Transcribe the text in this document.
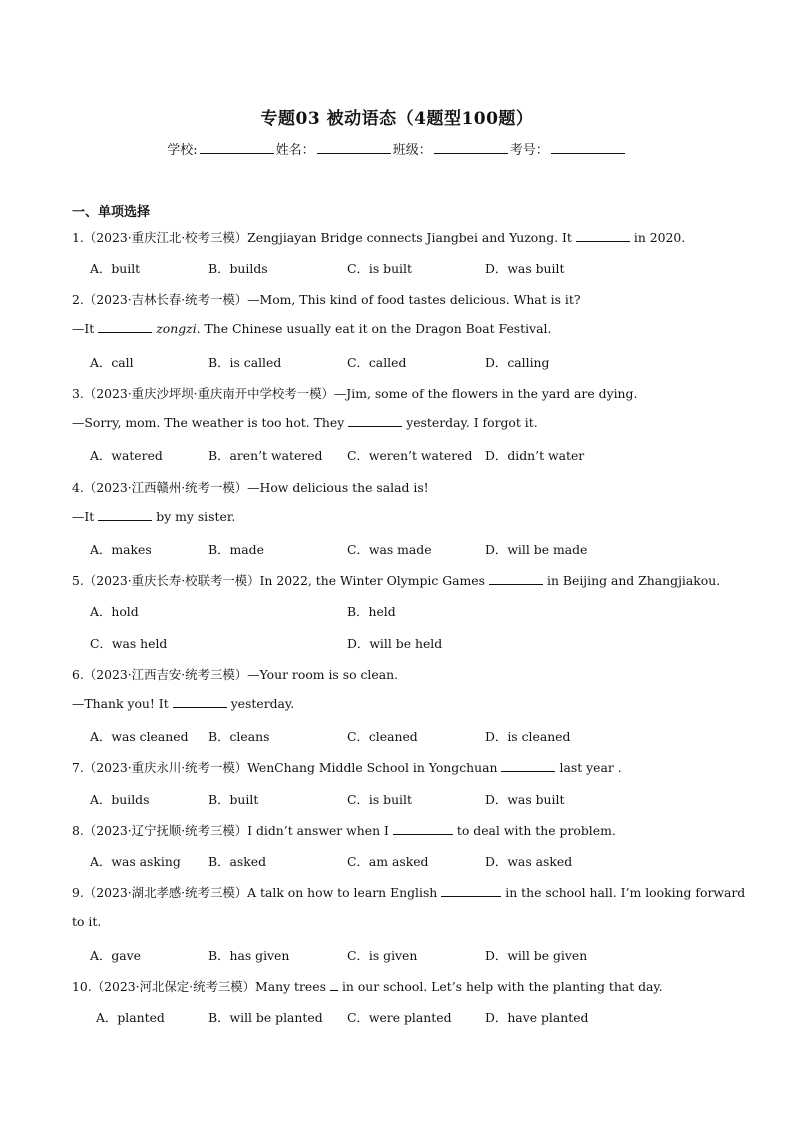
专题03 被动语态（4题型100题）
学校:	姓名：	班级：	考号：
一、单项选择
1.（2023·重庆江北·校考三模）Zengjiayan Bridge connects Jiangbei and Yuzong. It	in 2020.
A．built	B．builds	C．is built	D．was built
2.（2023·吉林长春·统考一模）—Mom, This kind of food tastes delicious. What is it?
—It	zongzi. The Chinese usually eat it on the Dragon Boat Festival.
A．call	B．is called	C．called	D．calling
3.（2023·重庆沙坪坝·重庆南开中学校考一模）—Jim, some of the flowers in the yard are dying.
—Sorry, mom. The weather is too hot. They	yesterday. I forgot it.
A．watered	B．aren’t watered C．weren’t watered D．didn’t water
4.（2023·江西赣州·统考一模）—How delicious the salad is!
—It	by my sister.
A．makes	B．made	C．was made	D．will be made
5.（2023·重庆长寿·校联考一模）In 2022, the Winter Olympic Games	in Beijing and Zhangjiakou.
A．hold	B．held
C．was held	D．will be held
6.（2023·江西吉安·统考三模）—Your room is so clean.
—Thank you! It	yesterday.
A．was cleaned B．cleans	C．cleaned	D．is cleaned
7.（2023·重庆永川·统考一模）WenChang Middle School in Yongchuan	last year .
A．builds	B．built	C．is built	D．was built
8.（2023·辽宁抚顺·统考三模）I didn’t answer when I	to deal with the problem.
A．was asking B．asked	C．am asked	D．was asked
9.（2023·湖北孝感·统考三模）A talk on how to learn English	in the school hall. I’m looking forward
to it.
A．gave	B．has given	C．is given	D．will be given
10.（2023·河北保定·统考三模）Many trees in our school. Let’s help with the planting that day.
A．planted	B．will be planted C．were planted	D．have planted
